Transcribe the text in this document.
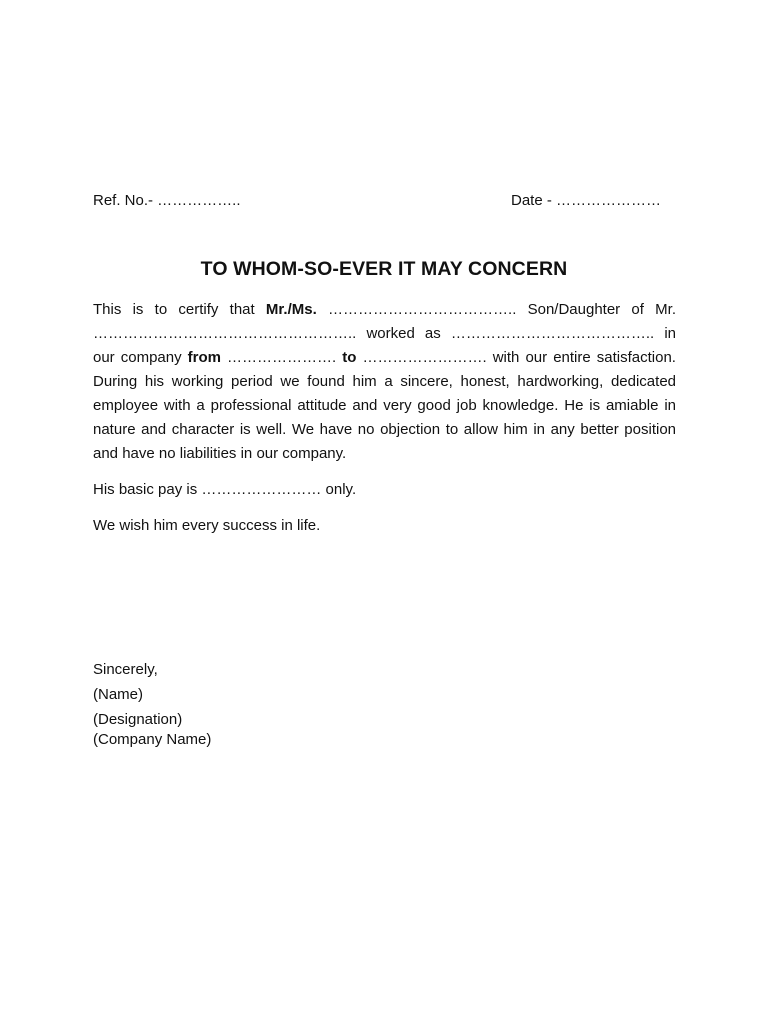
Ref. No.- ……………..	Date - …………………
TO WHOM-SO-EVER IT MAY CONCERN

This is to certify that Mr./Ms. ……………………………….. Son/Daughter of Mr. …………………………………………….. worked as ………………………………….. in our company from …………………. to ……………………. with our entire satisfaction. During his working period we found him a sincere, honest, hardworking, dedicated employee with a professional attitude and very good job knowledge. He is amiable in nature and character is well. We have no objection to allow him in any better position and have no liabilities in our company.

His basic pay is …………………… only.

We wish him every success in life.

Sincerely,
(Name)
(Designation)
(Company Name)
